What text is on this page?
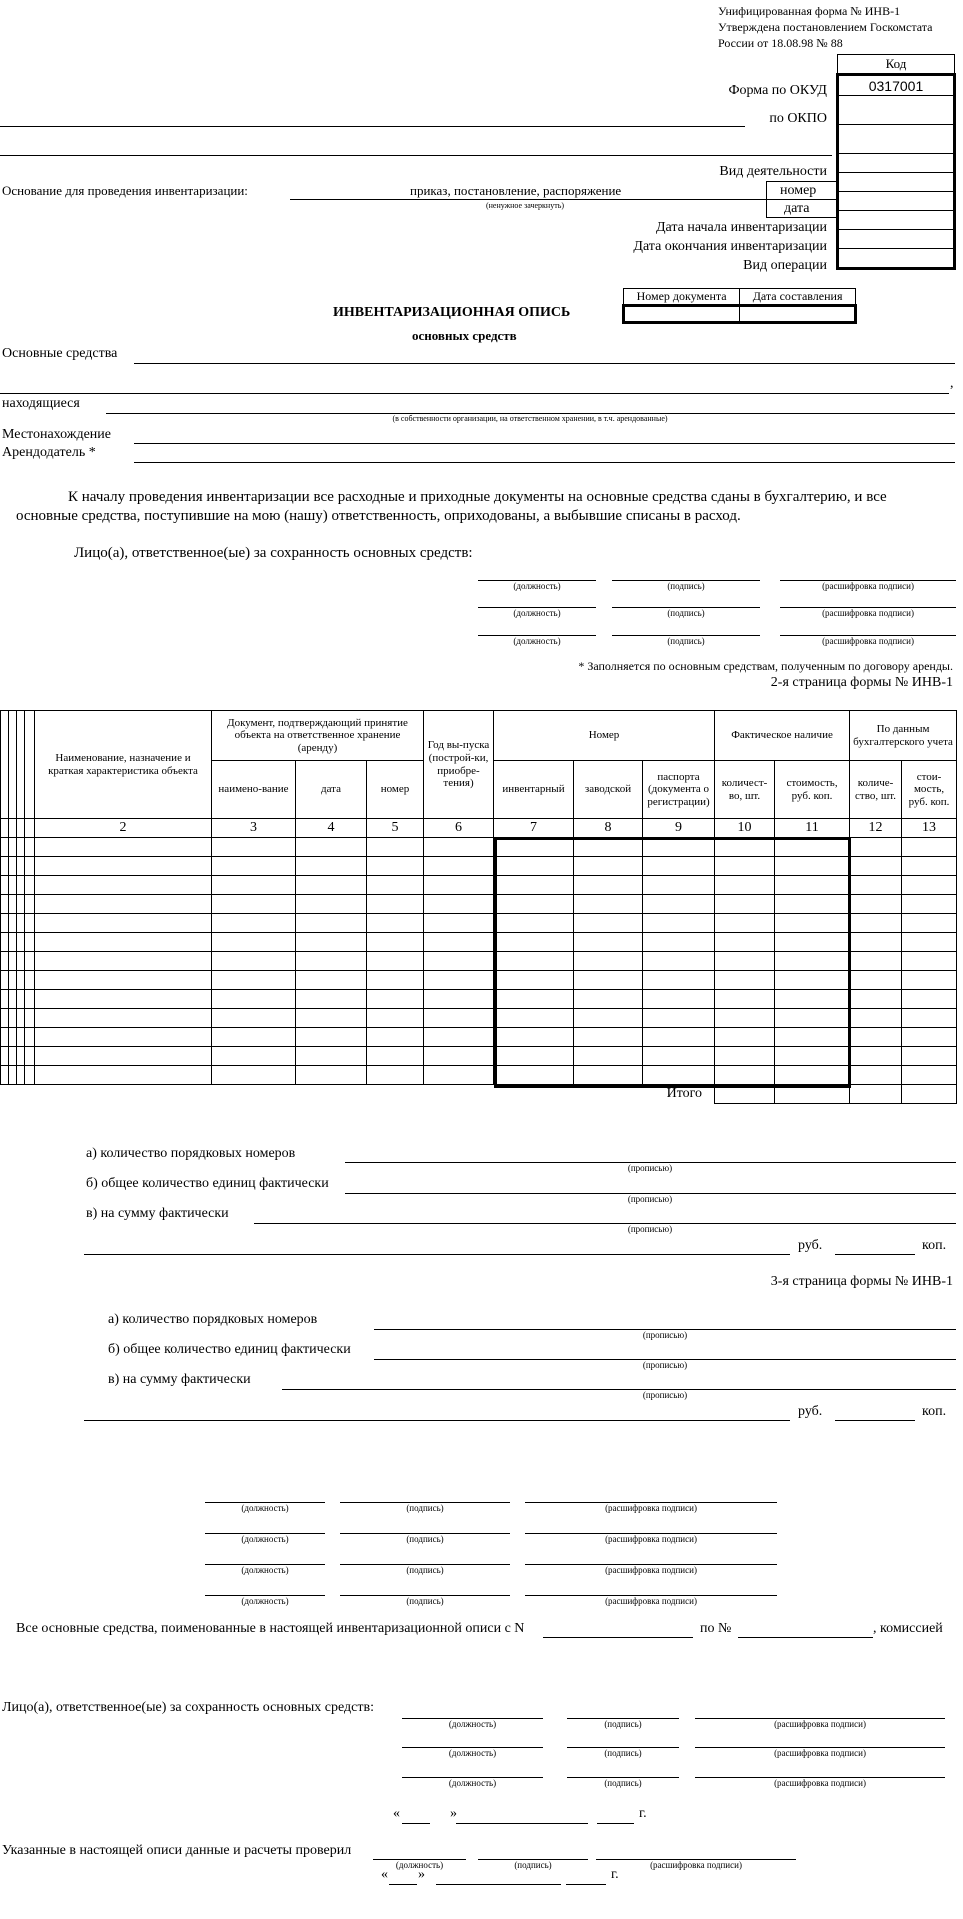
Унифицированная форма № ИНВ-1
Утверждена постановлением Госкомстата
России от 18.08.98 № 88
Код
0317001

Форма по ОКУД
по ОКПО
Вид деятельности
Основание для проведения инвентаризации:	приказ, постановление, распоряжение
(ненужное зачеркнуть)
номер
дата
Дата начала инвентаризации
Дата окончания инвентаризации
Вид операции
Номер документа	Дата составления

ИНВЕНТАРИЗАЦИОННАЯ ОПИСЬ
основных средств
Основные средства
,
находящиеся
(в собственности организации, на ответственном хранении, в т.ч. арендованные)
Местонахождение
Арендодатель *
К началу проведения инвентаризации все расходные и приходные документы на основные средства сданы в бухгалтерию, и все
основные средства, поступившие на мою (нашу) ответственность, оприходованы, а выбывшие списаны в расход.
Лицо(а), ответственное(ые) за сохранность основных средств:
(должность)	(подпись)	(расшифровка подписи)
(должность)	(подпись)	(расшифровка подписи)
(должность)	(подпись)	(расшифровка подписи)
* Заполняется по основным средствам, полученным по договору аренды.
2-я страница формы № ИНВ-1
				Наименование, назначение и краткая характеристика объекта	Документ, подтверждающий принятие объекта на ответственное хранение (аренду)			Год вы-пуска (построй-ки, приобре-тения)	Номер			Фактическое наличие		По данным бухгалтерского учета	
					наимено-вание	дата	номер		инвентарный	заводской	паспорта (документа о регистрации)	количест-во, шт.	стоимость, руб. коп.	количе-ство, шт.	стои-мость, руб. коп.
				2	3	4	5	6	7	8	9	10	11	12	13

Итого															
а) количество порядковых номеров
(прописью)
б) общее количество единиц фактически
(прописью)
в) на сумму фактически
(прописью)
руб.	коп.
3-я страница формы № ИНВ-1
а) количество порядковых номеров
(прописью)
б) общее количество единиц фактически
(прописью)
в) на сумму фактически
(прописью)
руб.	коп.
(должность)	(подпись)	(расшифровка подписи)
(должность)	(подпись)	(расшифровка подписи)
(должность)	(подпись)	(расшифровка подписи)
(должность)	(подпись)	(расшифровка подписи)
Все основные средства, поименованные в настоящей инвентаризационной описи с N	по №	, комиссией
Лицо(а), ответственное(ые) за сохранность основных средств:
(должность)	(подпись)	(расшифровка подписи)
(должность)	(подпись)	(расшифровка подписи)
(должность)	(подпись)	(расшифровка подписи)
«	»	г.
Указанные в настоящей описи данные и расчеты проверил
(должность)	(подпись)	(расшифровка подписи)
« »	г.
